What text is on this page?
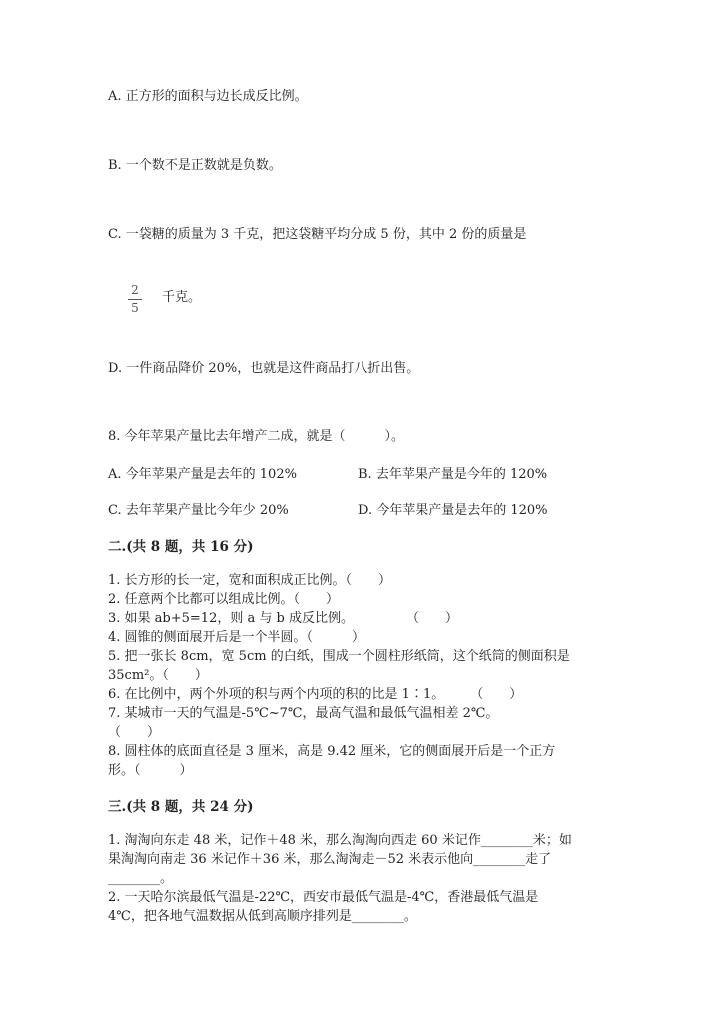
A. 正方形的面积与边长成反比例。
B. 一个数不是正数就是负数。
C. 一袋糖的质量为 3 千克，把这袋糖平均分成 5 份，其中 2 份的质量是
2
5
千克。
D. 一件商品降价 20%，也就是这件商品打八折出售。
8. 今年苹果产量比去年增产二成，就是（　　　）。
A. 今年苹果产量是去年的 102%	B. 去年苹果产量是今年的 120%
C. 去年苹果产量比今年少 20%	D. 今年苹果产量是去年的 120%
二.(共 8 题，共 16 分)
1. 长方形的长一定，宽和面积成正比例。（　　）
2. 任意两个比都可以组成比例。（　　）
3. 如果 ab+5=12，则 a 与 b 成反比例。　　　　　（　　）
4. 圆锥的侧面展开后是一个半圆。（　　　）
5. 把一张长 8cm，宽 5cm 的白纸，围成一个圆柱形纸筒，这个纸筒的侧面积是
35cm²。（　　）
6. 在比例中，两个外项的积与两个内项的积的比是 1∶1。　　　（　　）
7. 某城市一天的气温是-5℃~7℃，最高气温和最低气温相差 2℃。
（　　）
8. 圆柱体的底面直径是 3 厘米，高是 9.42 厘米，它的侧面展开后是一个正方
形。（　　　）
三.(共 8 题，共 24 分)
1. 淘淘向东走 48 米，记作＋48 米，那么淘淘向西走 60 米记作________米；如
果淘淘向南走 36 米记作＋36 米，那么淘淘走－52 米表示他向________走了
________。
2. 一天哈尔滨最低气温是-22℃，西安市最低气温是-4℃，香港最低气温是
4℃，把各地气温数据从低到高顺序排列是________。
